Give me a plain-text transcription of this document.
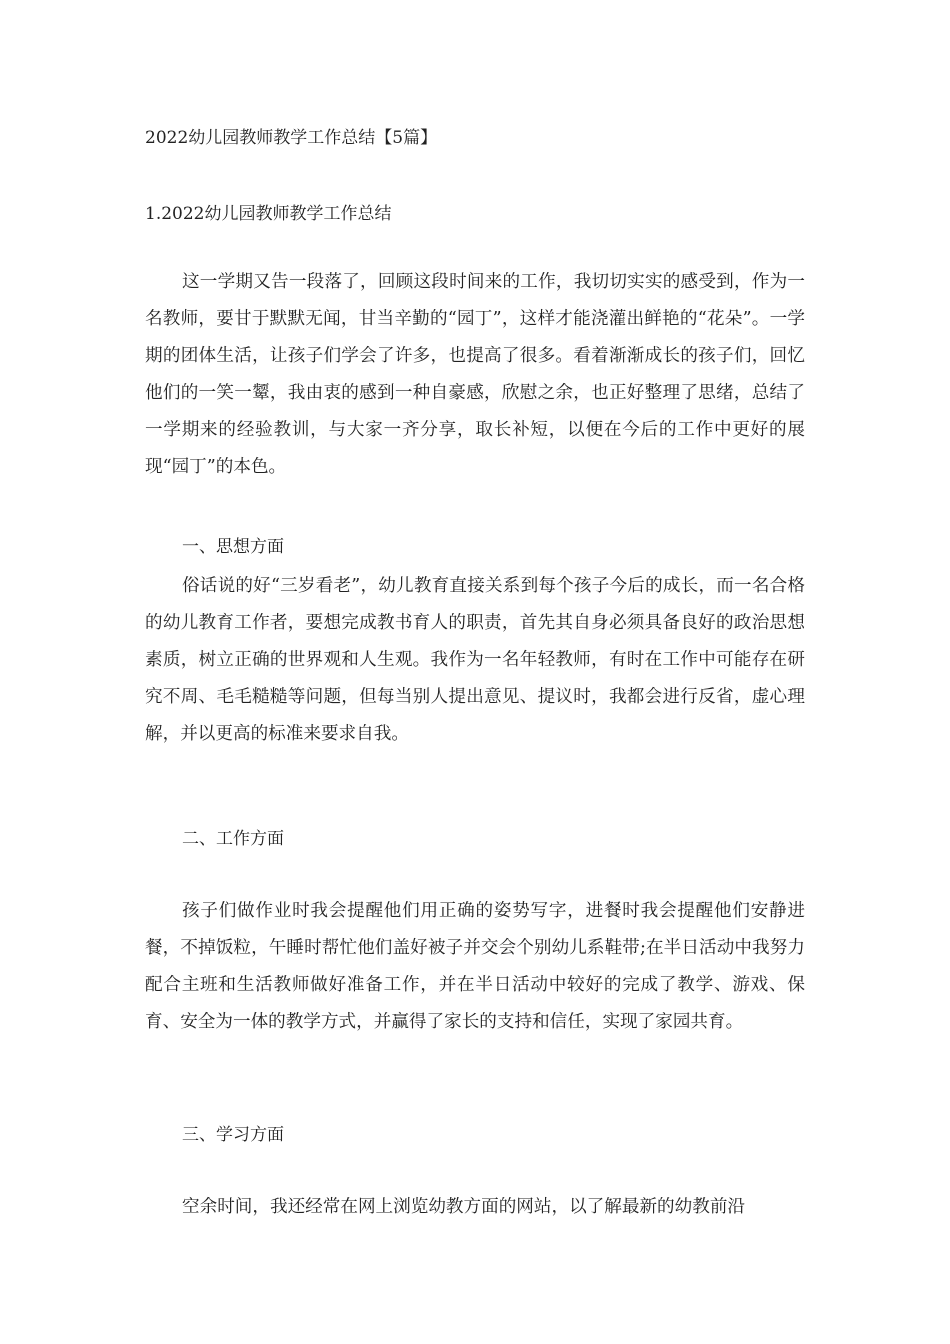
2022幼儿园教师教学工作总结【5篇】
1.2022幼儿园教师教学工作总结

这一学期又告一段落了，回顾这段时间来的工作，我切切实实的感受到，作为一名教师，要甘于默默无闻，甘当辛勤的“园丁”，这样才能浇灌出鲜艳的“花朵”。一学期的团体生活，让孩子们学会了许多，也提高了很多。看着渐渐成长的孩子们，回忆他们的一笑一颦，我由衷的感到一种自豪感，欣慰之余，也正好整理了思绪，总结了一学期来的经验教训，与大家一齐分享，取长补短，以便在今后的工作中更好的展现“园丁”的本色。

一、思想方面

俗话说的好“三岁看老”，幼儿教育直接关系到每个孩子今后的成长，而一名合格的幼儿教育工作者，要想完成教书育人的职责，首先其自身必须具备良好的政治思想素质，树立正确的世界观和人生观。我作为一名年轻教师，有时在工作中可能存在研究不周、毛毛糙糙等问题，但每当别人提出意见、提议时，我都会进行反省，虚心理解，并以更高的标准来要求自我。

二、工作方面

孩子们做作业时我会提醒他们用正确的姿势写字，进餐时我会提醒他们安静进餐，不掉饭粒，午睡时帮忙他们盖好被子并交会个别幼儿系鞋带;在半日活动中我努力配合主班和生活教师做好准备工作，并在半日活动中较好的完成了教学、游戏、保育、安全为一体的教学方式，并赢得了家长的支持和信任，实现了家园共育。

三、学习方面

空余时间，我还经常在网上浏览幼教方面的网站，以了解最新的幼教前沿
